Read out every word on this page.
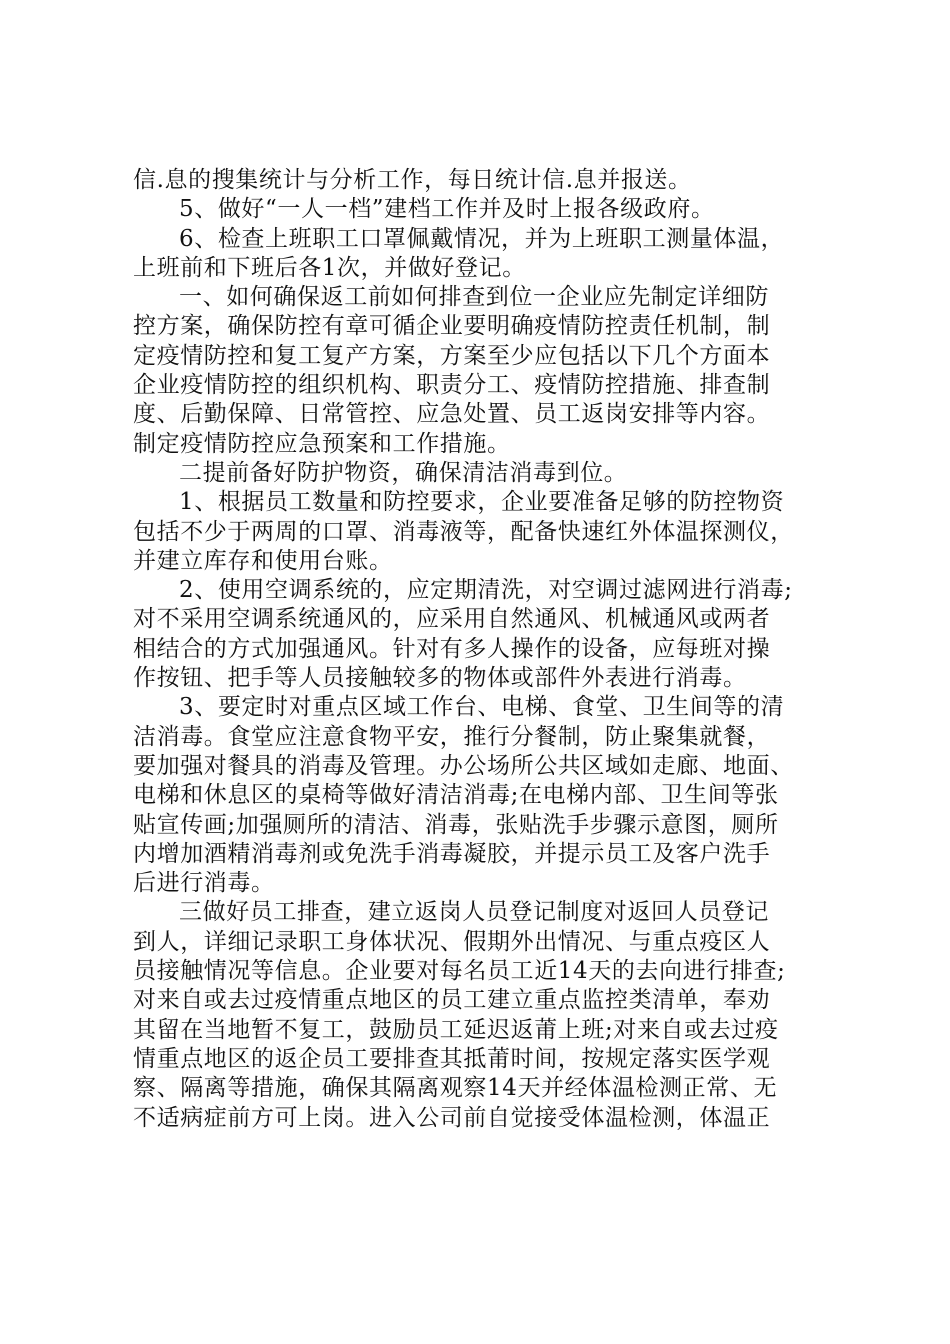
信.息的搜集统计与分析工作，每日统计信.息并报送。
5、做好“一人一档”建档工作并及时上报各级政府。
6、检查上班职工口罩佩戴情况，并为上班职工测量体温，
上班前和下班后各1次，并做好登记。
一、如何确保返工前如何排查到位一企业应先制定详细防
控方案，确保防控有章可循企业要明确疫情防控责任机制，制
定疫情防控和复工复产方案，方案至少应包括以下几个方面本
企业疫情防控的组织机构、职责分工、疫情防控措施、排查制
度、后勤保障、日常管控、应急处置、员工返岗安排等内容。
制定疫情防控应急预案和工作措施。
二提前备好防护物资，确保清洁消毒到位。
1、根据员工数量和防控要求，企业要准备足够的防控物资
包括不少于两周的口罩、消毒液等，配备快速红外体温探测仪，
并建立库存和使用台账。
2、使用空调系统的，应定期清洗，对空调过滤网进行消毒;
对不采用空调系统通风的，应采用自然通风、机械通风或两者
相结合的方式加强通风。针对有多人操作的设备，应每班对操
作按钮、把手等人员接触较多的物体或部件外表进行消毒。
3、要定时对重点区域工作台、电梯、食堂、卫生间等的清
洁消毒。食堂应注意食物平安，推行分餐制，防止聚集就餐，
要加强对餐具的消毒及管理。办公场所公共区域如走廊、地面、
电梯和休息区的桌椅等做好清洁消毒;在电梯内部、卫生间等张
贴宣传画;加强厕所的清洁、消毒，张贴洗手步骤示意图，厕所
内增加酒精消毒剂或免洗手消毒凝胶，并提示员工及客户洗手
后进行消毒。
三做好员工排查，建立返岗人员登记制度对返回人员登记
到人，详细记录职工身体状况、假期外出情况、与重点疫区人
员接触情况等信息。企业要对每名员工近14天的去向进行排查;
对来自或去过疫情重点地区的员工建立重点监控类清单，奉劝
其留在当地暂不复工，鼓励员工延迟返莆上班;对来自或去过疫
情重点地区的返企员工要排查其抵莆时间，按规定落实医学观
察、隔离等措施，确保其隔离观察14天并经体温检测正常、无
不适病症前方可上岗。进入公司前自觉接受体温检测，体温正
